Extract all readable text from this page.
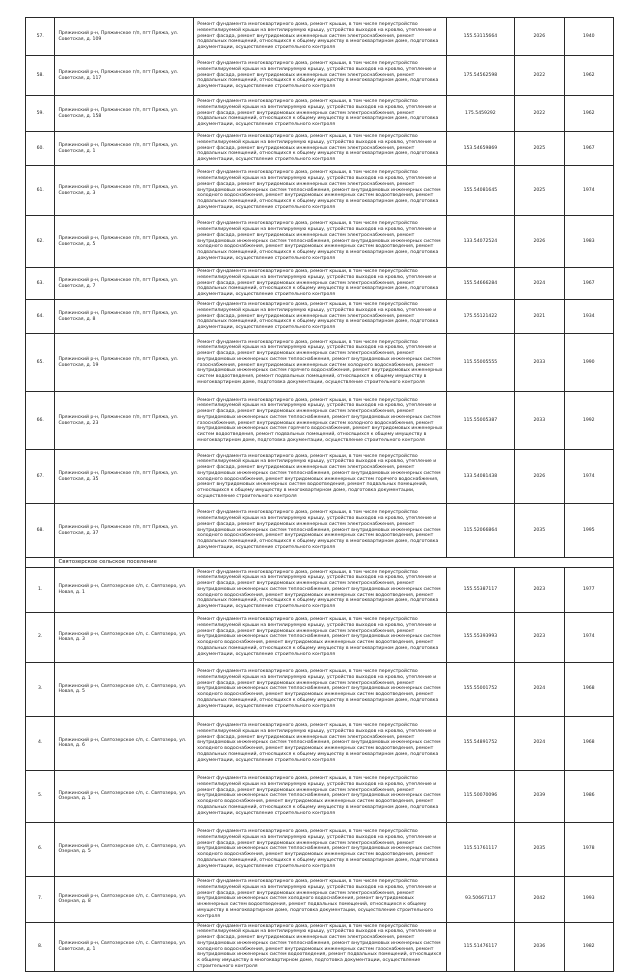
57.	Пряжинский р-н, Пряжинское г/п, пгт Пряжа, ул. Советская, д. 109	Ремонт фундамента многоквартирного дома, ремонт крыши, в том числе переустройство невентилируемой крыши на вентилируемую крышу, устройство выходов на кровлю, утепление и ремонт фасада, ремонт внутридомовых инженерных систем электроснабжения, ремонт подвальных помещений, относящихся к общему имуществу в многоквартирном доме, подготовка документации, осуществление строительного контроля	155.53115664	2026	1940
58.	Пряжинский р-н, Пряжинское г/п, пгт Пряжа, ул. Советская, д. 117	Ремонт фундамента многоквартирного дома, ремонт крыши, в том числе переустройство невентилируемой крыши на вентилируемую крышу, устройство выходов на кровлю, утепление и ремонт фасада, ремонт внутридомовых инженерных систем электроснабжения, ремонт подвальных помещений, относящихся к общему имуществу в многоквартирном доме, подготовка документации, осуществление строительного контроля	175.54562598	2022	1962
59.	Пряжинский р-н, Пряжинское г/п, пгт Пряжа, ул. Советская, д. 158	Ремонт фундамента многоквартирного дома, ремонт крыши, в том числе переустройство невентилируемой крыши на вентилируемую крышу, устройство выходов на кровлю, утепление и ремонт фасада, ремонт внутридомовых инженерных систем электроснабжения, ремонт подвальных помещений, относящихся к общему имуществу в многоквартирном доме, подготовка документации, осуществление строительного контроля	175.5459292	2022	1962
60.	Пряжинский р-н, Пряжинское г/п, пгт Пряжа, ул. Советская, д. 1	Ремонт фундамента многоквартирного дома, ремонт крыши, в том числе переустройство невентилируемой крыши на вентилируемую крышу, устройство выходов на кровлю, утепление и ремонт фасада, ремонт внутридомовых инженерных систем электроснабжения, ремонт подвальных помещений, относящихся к общему имуществу в многоквартирном доме, подготовка документации, осуществление строительного контроля	153.54659869	2025	1967
61.	Пряжинский р-н, Пряжинское г/п, пгт Пряжа, ул. Советская, д. 3	Ремонт фундамента многоквартирного дома, ремонт крыши, в том числе переустройство невентилируемой крыши на вентилируемую крышу, устройство выходов на кровлю, утепление и ремонт фасада, ремонт внутридомовых инженерных систем электроснабжения, ремонт внутридомовых инженерных систем теплоснабжения, ремонт внутридомовых инженерных систем холодного водоснабжения, ремонт внутридомовых инженерных систем водоотведения, ремонт подвальных помещений, относящихся к общему имуществу в многоквартирном доме, подготовка документации, осуществление строительного контроля	155.54081645	2025	1974
62.	Пряжинский р-н, Пряжинское г/п, пгт Пряжа, ул. Советская, д. 5	Ремонт фундамента многоквартирного дома, ремонт крыши, в том числе переустройство невентилируемой крыши на вентилируемую крышу, устройство выходов на кровлю, утепление и ремонт фасада, ремонт внутридомовых инженерных систем электроснабжения, ремонт внутридомовых инженерных систем теплоснабжения, ремонт внутридомовых инженерных систем холодного водоснабжения, ремонт внутридомовых инженерных систем водоотведения, ремонт подвальных помещений, относящихся к общему имуществу в многоквартирном доме, подготовка документации, осуществление строительного контроля	133.54072524	2026	1983
63.	Пряжинский р-н, Пряжинское г/п, пгт Пряжа, ул. Советская, д. 7	Ремонт фундамента многоквартирного дома, ремонт крыши, в том числе переустройство невентилируемой крыши на вентилируемую крышу, устройство выходов на кровлю, утепление и ремонт фасада, ремонт внутридомовых инженерных систем электроснабжения, ремонт подвальных помещений, относящихся к общему имуществу в многоквартирном доме, подготовка документации, осуществление строительного контроля	155.54666284	2024	1967
64.	Пряжинский р-н, Пряжинское г/п, пгт Пряжа, ул. Советская, д. 8	Ремонт фундамента многоквартирного дома, ремонт крыши, в том числе переустройство невентилируемой крыши на вентилируемую крышу, устройство выходов на кровлю, утепление и ремонт фасада, ремонт внутридомовых инженерных систем электроснабжения, ремонт подвальных помещений, относящихся к общему имуществу в многоквартирном доме, подготовка документации, осуществление строительного контроля	175.55121422	2021	1934
65.	Пряжинский р-н, Пряжинское г/п, пгт Пряжа, ул. Советская, д. 19	Ремонт фундамента многоквартирного дома, ремонт крыши, в том числе переустройство невентилируемой крыши на вентилируемую крышу, устройство выходов на кровлю, утепление и ремонт фасада, ремонт внутридомовых инженерных систем электроснабжения, ремонт внутридомовых инженерных систем теплоснабжения, ремонт внутридомовых инженерных систем газоснабжения, ремонт внутридомовых инженерных систем холодного водоснабжения, ремонт внутридомовых инженерных систем горячего водоснабжения, ремонт внутридомовых инженерных систем водоотведения, ремонт подвальных помещений, относящихся к общему имуществу в многоквартирном доме, подготовка документации, осуществление строительного контроля	115.55005555	2033	1990
66.	Пряжинский р-н, Пряжинское г/п, пгт Пряжа, ул. Советская, д. 23	Ремонт фундамента многоквартирного дома, ремонт крыши, в том числе переустройство невентилируемой крыши на вентилируемую крышу, устройство выходов на кровлю, утепление и ремонт фасада, ремонт внутридомовых инженерных систем электроснабжения, ремонт внутридомовых инженерных систем теплоснабжения, ремонт внутридомовых инженерных систем газоснабжения, ремонт внутридомовых инженерных систем холодного водоснабжения, ремонт внутридомовых инженерных систем горячего водоснабжения, ремонт внутридомовых инженерных систем водоотведения, ремонт подвальных помещений, относящихся к общему имуществу в многоквартирном доме, подготовка документации, осуществление строительного контроля	115.55005387	2033	1992
67.	Пряжинский р-н, Пряжинское г/п, пгт Пряжа, ул. Советская, д. 35	Ремонт фундамента многоквартирного дома, ремонт крыши, в том числе переустройство невентилируемой крыши на вентилируемую крышу, устройство выходов на кровлю, утепление и ремонт фасада, ремонт внутридомовых инженерных систем электроснабжения, ремонт внутридомовых инженерных систем теплоснабжения, ремонт внутридомовых инженерных систем холодного водоснабжения, ремонт внутридомовых инженерных систем горячего водоснабжения, ремонт внутридомовых инженерных систем водоотведения, ремонт подвальных помещений, относящихся к общему имуществу в многоквартирном доме, подготовка документации, осуществление строительного контроля	133.54081438	2026	1974
68.	Пряжинский р-н, Пряжинское г/п, пгт Пряжа, ул. Советская, д. 37	Ремонт фундамента многоквартирного дома, ремонт крыши, в том числе переустройство невентилируемой крыши на вентилируемую крышу, устройство выходов на кровлю, утепление и ремонт фасада, ремонт внутридомовых инженерных систем электроснабжения, ремонт внутридомовых инженерных систем теплоснабжения, ремонт внутридомовых инженерных систем холодного водоснабжения, ремонт внутридомовых инженерных систем водоотведения, ремонт подвальных помещений, относящихся к общему имуществу в многоквартирном доме, подготовка документации, осуществление строительного контроля	115.52066864	2035	1995
	Святозерское сельское поселение				
1.	Пряжинский р-н, Святозерское с/п, с. Святозеро, ул. Новая, д. 1	Ремонт фундамента многоквартирного дома, ремонт крыши, в том числе переустройство невентилируемой крыши на вентилируемую крышу, устройство выходов на кровлю, утепление и ремонт фасада, ремонт внутридомовых инженерных систем электроснабжения, ремонт внутридомовых инженерных систем теплоснабжения, ремонт внутридомовых инженерных систем холодного водоснабжения, ремонт внутридомовых инженерных систем водоотведения, ремонт подвальных помещений, относящихся к общему имуществу в многоквартирном доме, подготовка документации, осуществление строительного контроля	155.55387117	2023	1977
2.	Пряжинский р-н, Святозерское с/п, с. Святозеро, ул. Новая, д. 3	Ремонт фундамента многоквартирного дома, ремонт крыши, в том числе переустройство невентилируемой крыши на вентилируемую крышу, устройство выходов на кровлю, утепление и ремонт фасада, ремонт внутридомовых инженерных систем электроснабжения, ремонт внутридомовых инженерных систем теплоснабжения, ремонт внутридомовых инженерных систем холодного водоснабжения, ремонт внутридомовых инженерных систем водоотведения, ремонт подвальных помещений, относящихся к общему имуществу в многоквартирном доме, подготовка документации, осуществление строительного контроля	155.55393993	2023	1974
3.	Пряжинский р-н, Святозерское с/п, с. Святозеро, ул. Новая, д. 5	Ремонт фундамента многоквартирного дома, ремонт крыши, в том числе переустройство невентилируемой крыши на вентилируемую крышу, устройство выходов на кровлю, утепление и ремонт фасада, ремонт внутридомовых инженерных систем электроснабжения, ремонт внутридомовых инженерных систем теплоснабжения, ремонт внутридомовых инженерных систем холодного водоснабжения, ремонт внутридомовых инженерных систем водоотведения, ремонт подвальных помещений, относящихся к общему имуществу в многоквартирном доме, подготовка документации, осуществление строительного контроля	155.55001752	2024	1968
4.	Пряжинский р-н, Святозерское с/п, с. Святозеро, ул. Новая, д. 6	Ремонт фундамента многоквартирного дома, ремонт крыши, в том числе переустройство невентилируемой крыши на вентилируемую крышу, устройство выходов на кровлю, утепление и ремонт фасада, ремонт внутридомовых инженерных систем электроснабжения, ремонт внутридомовых инженерных систем теплоснабжения, ремонт внутридомовых инженерных систем холодного водоснабжения, ремонт внутридомовых инженерных систем водоотведения, ремонт подвальных помещений, относящихся к общему имуществу в многоквартирном доме, подготовка документации, осуществление строительного контроля	155.54891752	2024	1968
5.	Пряжинский р-н, Святозерское с/п, с. Святозеро, ул. Озерная, д. 1	Ремонт фундамента многоквартирного дома, ремонт крыши, в том числе переустройство невентилируемой крыши на вентилируемую крышу, устройство выходов на кровлю, утепление и ремонт фасада, ремонт внутридомовых инженерных систем электроснабжения, ремонт внутридомовых инженерных систем теплоснабжения, ремонт внутридомовых инженерных систем холодного водоснабжения, ремонт внутридомовых инженерных систем водоотведения, ремонт подвальных помещений, относящихся к общему имуществу в многоквартирном доме, подготовка документации, осуществление строительного контроля	115.50070096	2039	1986
6.	Пряжинский р-н, Святозерское с/п, с. Святозеро, ул. Озерная, д. 5	Ремонт фундамента многоквартирного дома, ремонт крыши, в том числе переустройство невентилируемой крыши на вентилируемую крышу, устройство выходов на кровлю, утепление и ремонт фасада, ремонт внутридомовых инженерных систем электроснабжения, ремонт внутридомовых инженерных систем теплоснабжения, ремонт внутридомовых инженерных систем холодного водоснабжения, ремонт внутридомовых инженерных систем водоотведения, ремонт подвальных помещений, относящихся к общему имуществу в многоквартирном доме, подготовка документации, осуществление строительного контроля	115.51761117	2035	1978
7.	Пряжинский р-н, Святозерское с/п, с. Святозеро, ул. Озерная, д. 8	Ремонт фундамента многоквартирного дома, ремонт крыши, в том числе переустройство невентилируемой крыши на вентилируемую крышу, устройство выходов на кровлю, утепление и ремонт фасада, ремонт внутридомовых инженерных систем электроснабжения, ремонт внутридомовых инженерных систем холодного водоснабжения, ремонт внутридомовых инженерных систем водоотведения, ремонт подвальных помещений, относящихся к общему имуществу в многоквартирном доме, подготовка документации, осуществление строительного контроля	93.50667117	2042	1993
8.	Пряжинский р-н, Святозерское с/п, с. Святозеро, ул. Советская, д. 1	Ремонт фундамента многоквартирного дома, ремонт крыши, в том числе переустройство невентилируемой крыши на вентилируемую крышу, устройство выходов на кровлю, утепление и ремонт фасада, ремонт внутридомовых инженерных систем электроснабжения, ремонт внутридомовых инженерных систем теплоснабжения, ремонт внутридомовых инженерных систем холодного водоснабжения, ремонт внутридомовых инженерных систем газоснабжения, ремонт внутридомовых инженерных систем водоотведения, ремонт подвальных помещений, относящихся к общему имуществу в многоквартирном доме, подготовка документации, осуществление строительного контроля	115.51476117	2036	1982
